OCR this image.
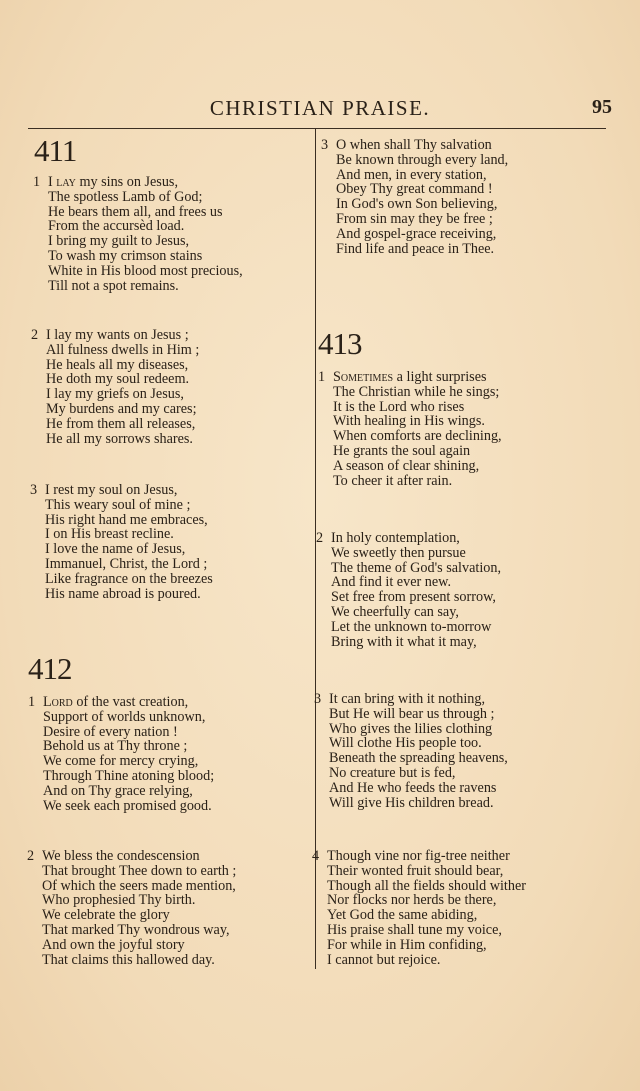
CHRISTIAN PRAISE.	95
411
1 I lay my sins on Jesus,
The spotless Lamb of God;
He bears them all, and frees us
From the accursèd load.
I bring my guilt to Jesus,
To wash my crimson stains
White in His blood most precious,
Till not a spot remains.
2 I lay my wants on Jesus ;
All fulness dwells in Him ;
He heals all my diseases,
He doth my soul redeem.
I lay my griefs on Jesus,
My burdens and my cares;
He from them all releases,
He all my sorrows shares.
3 I rest my soul on Jesus,
This weary soul of mine ;
His right hand me embraces,
I on His breast recline.
I love the name of Jesus,
Immanuel, Christ, the Lord ;
Like fragrance on the breezes
His name abroad is poured.
412
1 Lord of the vast creation,
Support of worlds unknown,
Desire of every nation !
Behold us at Thy throne ;
We come for mercy crying,
Through Thine atoning blood;
And on Thy grace relying,
We seek each promised good.
2 We bless the condescension
That brought Thee down to earth ;
Of which the seers made mention,
Who prophesied Thy birth.
We celebrate the glory
That marked Thy wondrous way,
And own the joyful story
That claims this hallowed day.
3 O when shall Thy salvation
Be known through every land,
And men, in every station,
Obey Thy great command !
In God's own Son believing,
From sin may they be free ;
And gospel-grace receiving,
Find life and peace in Thee.
413
1 Sometimes a light surprises
The Christian while he sings;
It is the Lord who rises
With healing in His wings.
When comforts are declining,
He grants the soul again
A season of clear shining,
To cheer it after rain.
2 In holy contemplation,
We sweetly then pursue
The theme of God's salvation,
And find it ever new.
Set free from present sorrow,
We cheerfully can say,
Let the unknown to-morrow
Bring with it what it may,
3 It can bring with it nothing,
But He will bear us through ;
Who gives the lilies clothing
Will clothe His people too.
Beneath the spreading heavens,
No creature but is fed,
And He who feeds the ravens
Will give His children bread.
4 Though vine nor fig-tree neither
Their wonted fruit should bear,
Though all the fields should wither
Nor flocks nor herds be there,
Yet God the same abiding,
His praise shall tune my voice,
For while in Him confiding,
I cannot but rejoice.
